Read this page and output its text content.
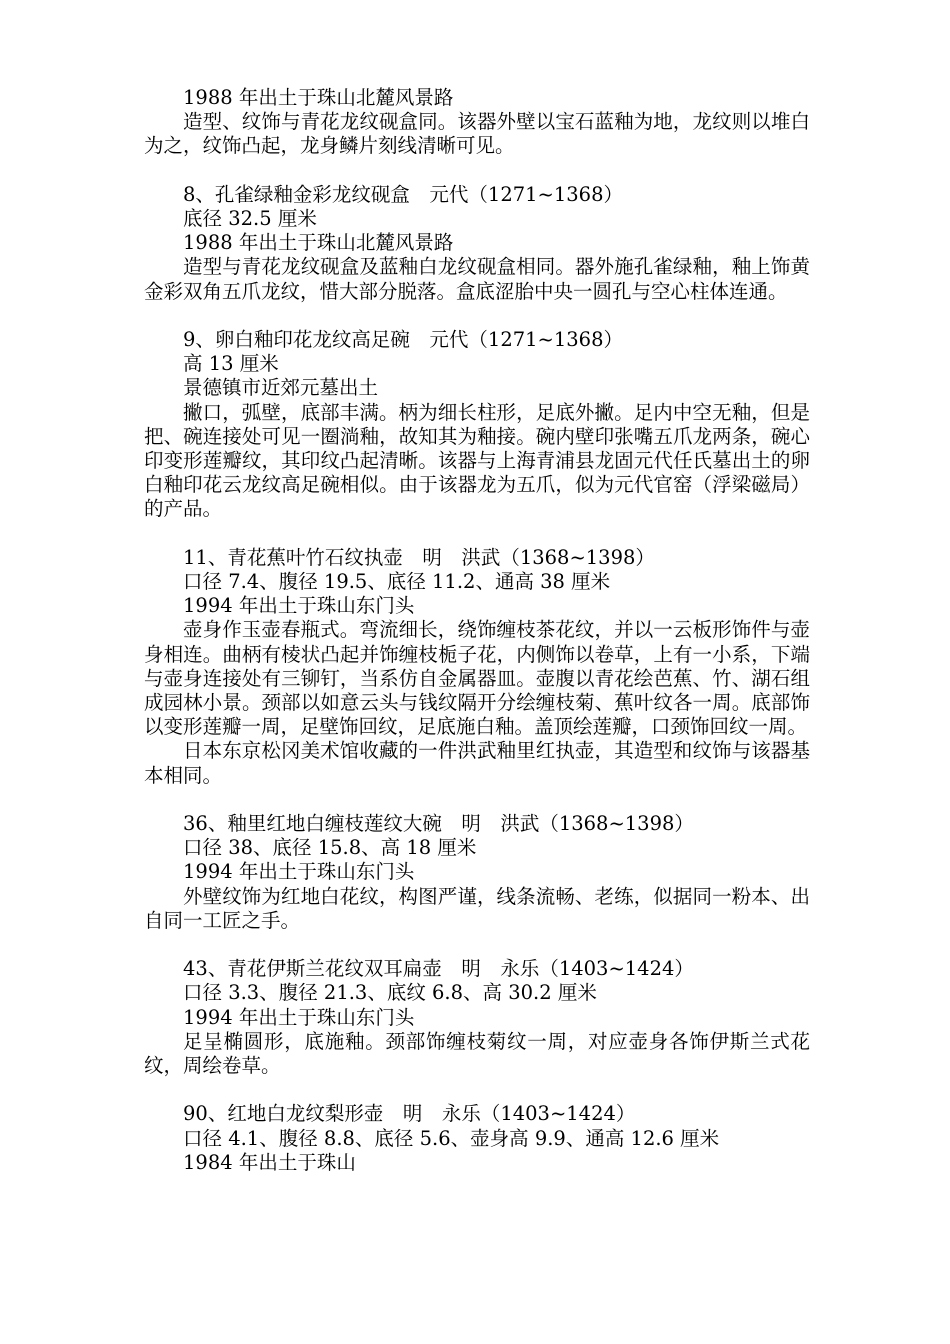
1988 年出土于珠山北麓风景路

造型、纹饰与青花龙纹砚盒同。该器外壁以宝石蓝釉为地，龙纹则以堆白为之，纹饰凸起，龙身鳞片刻线清晰可见。

8、孔雀绿釉金彩龙纹砚盒　元代（1271~1368）

底径 32.5 厘米

1988 年出土于珠山北麓风景路

造型与青花龙纹砚盒及蓝釉白龙纹砚盒相同。器外施孔雀绿釉，釉上饰黄金彩双角五爪龙纹，惜大部分脱落。盒底涩胎中央一圆孔与空心柱体连通。

9、卵白釉印花龙纹高足碗　元代（1271~1368）

高 13 厘米

景德镇市近郊元墓出土

撇口，弧壁，底部丰满。柄为细长柱形，足底外撇。足内中空无釉，但是把、碗连接处可见一圈淌釉，故知其为釉接。碗内壁印张嘴五爪龙两条，碗心印变形莲瓣纹，其印纹凸起清晰。该器与上海青浦县龙固元代任氏墓出土的卵白釉印花云龙纹高足碗相似。由于该器龙为五爪，似为元代官窑（浮梁磁局）的产品。

11、青花蕉叶竹石纹执壶　明　洪武（1368~1398）

口径 7.4、腹径 19.5、底径 11.2、通高 38 厘米

1994 年出土于珠山东门头

壶身作玉壶春瓶式。弯流细长，绕饰缠枝茶花纹，并以一云板形饰件与壶身相连。曲柄有棱状凸起并饰缠枝栀子花，内侧饰以卷草，上有一小系，下端与壶身连接处有三铆钉，当系仿自金属器皿。壶腹以青花绘芭蕉、竹、湖石组成园林小景。颈部以如意云头与钱纹隔开分绘缠枝菊、蕉叶纹各一周。底部饰以变形莲瓣一周，足壁饰回纹，足底施白釉。盖顶绘莲瓣，口颈饰回纹一周。

日本东京松冈美术馆收藏的一件洪武釉里红执壶，其造型和纹饰与该器基本相同。

36、釉里红地白缠枝莲纹大碗　明　洪武（1368~1398）

口径 38、底径 15.8、高 18 厘米

1994 年出土于珠山东门头

外壁纹饰为红地白花纹，构图严谨，线条流畅、老练，似据同一粉本、出自同一工匠之手。

43、青花伊斯兰花纹双耳扁壶　明　永乐（1403~1424）

口径 3.3、腹径 21.3、底纹 6.8、高 30.2 厘米

1994 年出土于珠山东门头

足呈椭圆形，底施釉。颈部饰缠枝菊纹一周，对应壶身各饰伊斯兰式花纹，周绘卷草。

90、红地白龙纹梨形壶　明　永乐（1403~1424）

口径 4.1、腹径 8.8、底径 5.6、壶身高 9.9、通高 12.6 厘米

1984 年出土于珠山
